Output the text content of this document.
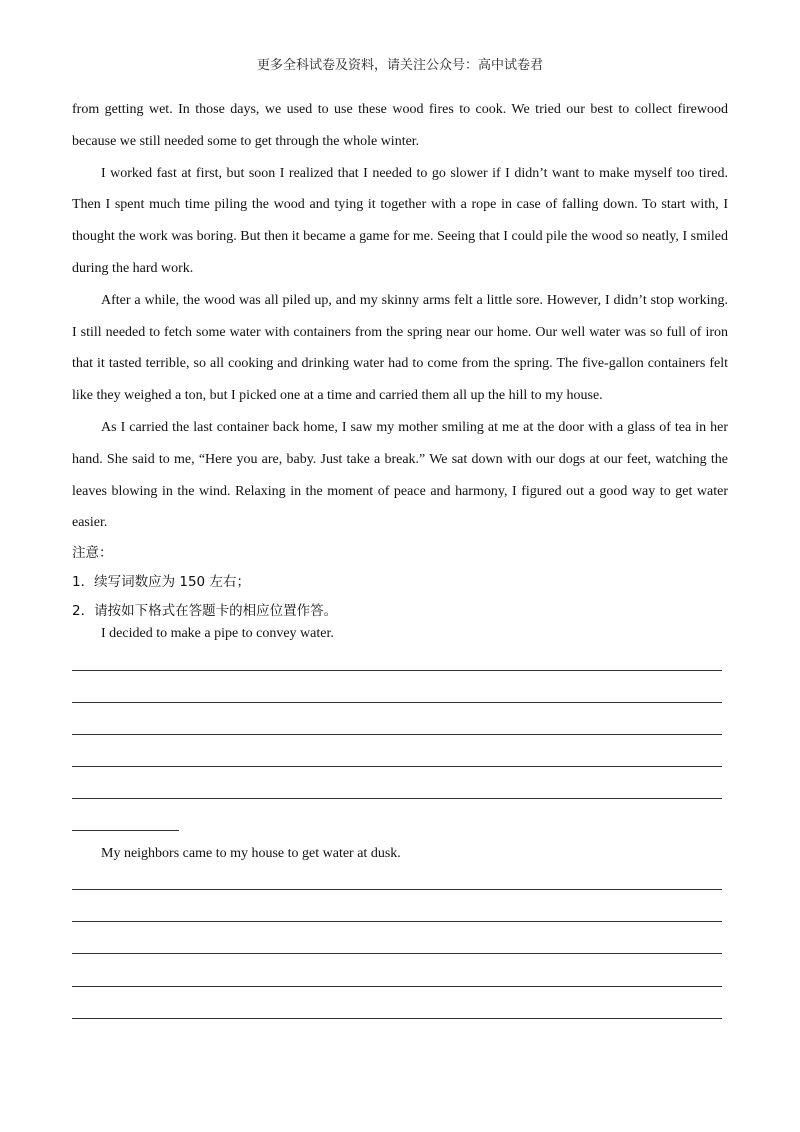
更多全科试卷及资料，请关注公众号：高中试卷君

from getting wet. In those days, we used to use these wood fires to cook. We tried our best to collect firewood because we still needed some to get through the whole winter.

I worked fast at first, but soon I realized that I needed to go slower if I didn’t want to make myself too tired. Then I spent much time piling the wood and tying it together with a rope in case of falling down. To start with, I thought the work was boring. But then it became a game for me. Seeing that I could pile the wood so neatly, I smiled during the hard work.

After a while, the wood was all piled up, and my skinny arms felt a little sore. However, I didn’t stop working. I still needed to fetch some water with containers from the spring near our home. Our well water was so full of iron that it tasted terrible, so all cooking and drinking water had to come from the spring. The five-gallon containers felt like they weighed a ton, but I picked one at a time and carried them all up the hill to my house.

As I carried the last container back home, I saw my mother smiling at me at the door with a glass of tea in her hand. She said to me, “Here you are, baby. Just take a break.” We sat down with our dogs at our feet, watching the leaves blowing in the wind. Relaxing in the moment of peace and harmony, I figured out a good way to get water easier.

注意：

1．续写词数应为 150 左右；

2．请按如下格式在答题卡的相应位置作答。

I decided to make a pipe to convey water.
My neighbors came to my house to get water at dusk.
